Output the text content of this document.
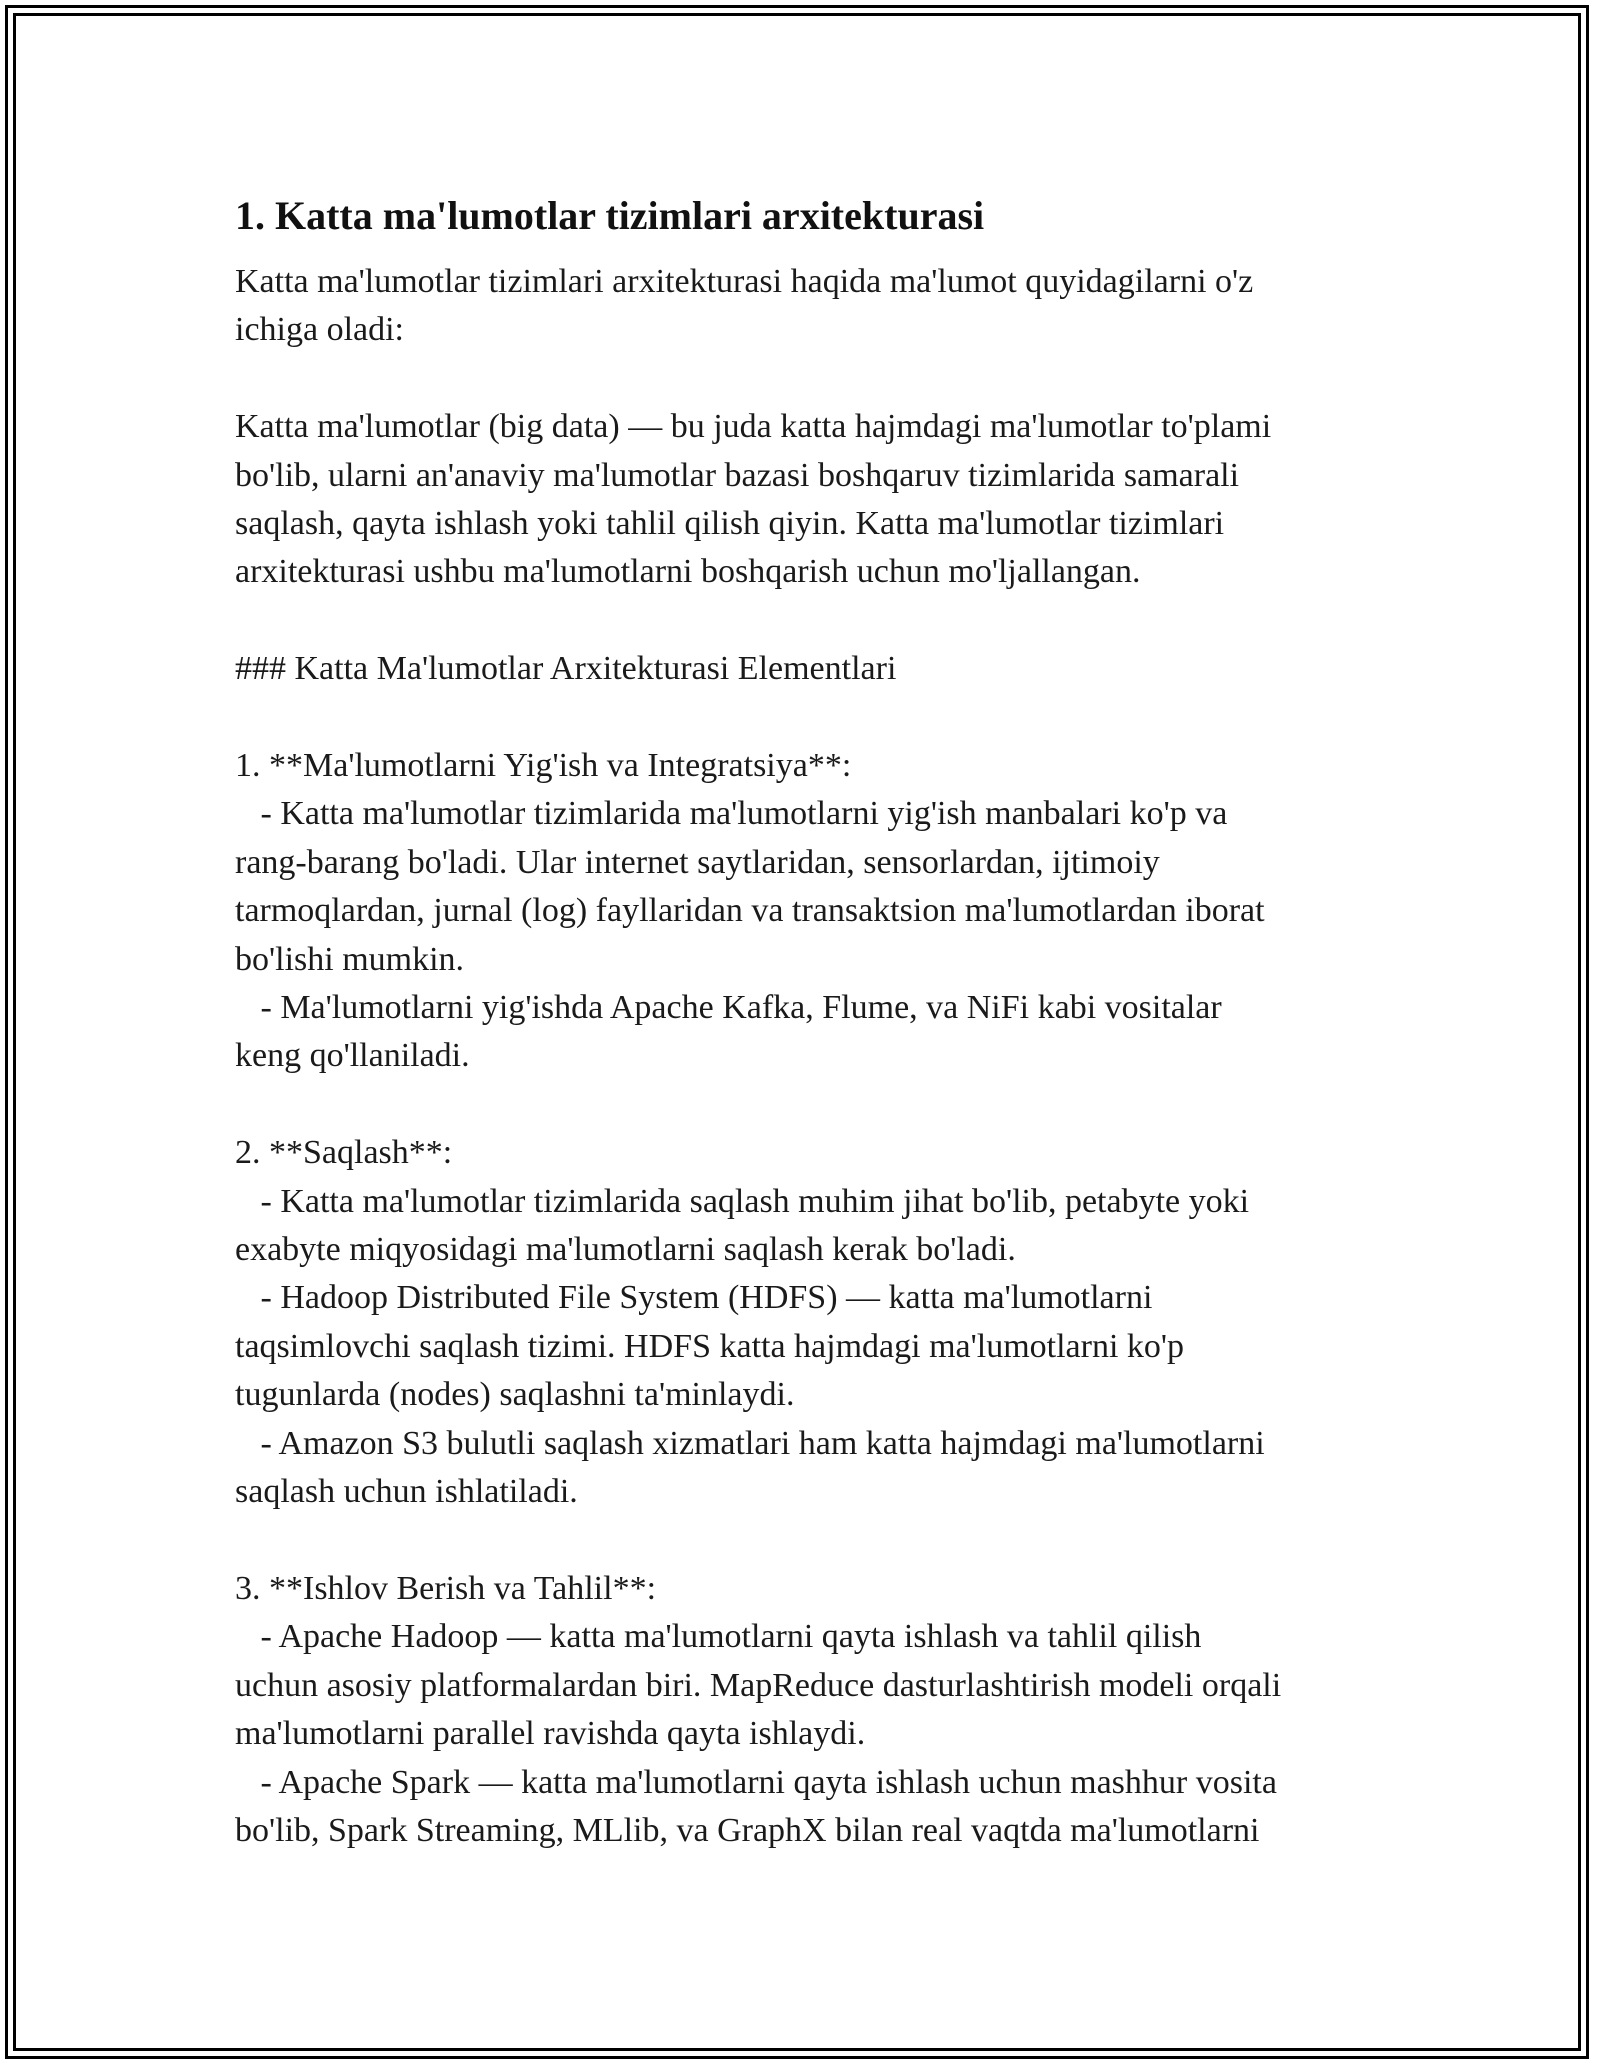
1. Katta ma'lumotlar tizimlari arxitekturasi

Katta ma'lumotlar tizimlari arxitekturasi haqida ma'lumot quyidagilarni o'z
ichiga oladi:

Katta ma'lumotlar (big data) — bu juda katta hajmdagi ma'lumotlar to'plami
bo'lib, ularni an'anaviy ma'lumotlar bazasi boshqaruv tizimlarida samarali
saqlash, qayta ishlash yoki tahlil qilish qiyin. Katta ma'lumotlar tizimlari
arxitekturasi ushbu ma'lumotlarni boshqarish uchun mo'ljallangan.

### Katta Ma'lumotlar Arxitekturasi Elementlari

1. **Ma'lumotlarni Yig'ish va Integratsiya**:
- Katta ma'lumotlar tizimlarida ma'lumotlarni yig'ish manbalari ko'p va
rang-barang bo'ladi. Ular internet saytlaridan, sensorlardan, ijtimoiy
tarmoqlardan, jurnal (log) fayllaridan va transaktsion ma'lumotlardan iborat
bo'lishi mumkin.
- Ma'lumotlarni yig'ishda Apache Kafka, Flume, va NiFi kabi vositalar
keng qo'llaniladi.

2. **Saqlash**:
- Katta ma'lumotlar tizimlarida saqlash muhim jihat bo'lib, petabyte yoki
exabyte miqyosidagi ma'lumotlarni saqlash kerak bo'ladi.
- Hadoop Distributed File System (HDFS) — katta ma'lumotlarni
taqsimlovchi saqlash tizimi. HDFS katta hajmdagi ma'lumotlarni ko'p
tugunlarda (nodes) saqlashni ta'minlaydi.
- Amazon S3 bulutli saqlash xizmatlari ham katta hajmdagi ma'lumotlarni
saqlash uchun ishlatiladi.

3. **Ishlov Berish va Tahlil**:
- Apache Hadoop — katta ma'lumotlarni qayta ishlash va tahlil qilish
uchun asosiy platformalardan biri. MapReduce dasturlashtirish modeli orqali
ma'lumotlarni parallel ravishda qayta ishlaydi.
- Apache Spark — katta ma'lumotlarni qayta ishlash uchun mashhur vosita
bo'lib, Spark Streaming, MLlib, va GraphX bilan real vaqtda ma'lumotlarni
